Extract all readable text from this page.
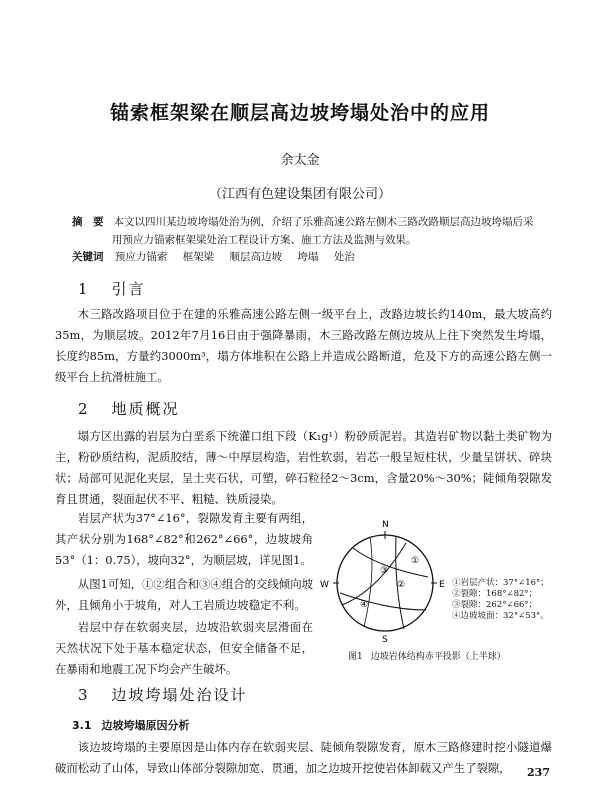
锚索框架梁在顺层高边坡垮塌处治中的应用
余太金
（江西有色建设集团有限公司）
摘　要 本文以四川某边坡垮塌处治为例，介绍了乐雅高速公路左侧木三路改路顺层高边坡垮塌后采
用预应力锚索框架梁处治工程设计方案、施工方法及监测与效果。
关键词 预应力锚索 框架梁 顺层高边坡 垮塌 处治
1 引言

木三路改路项目位于在建的乐雅高速公路左侧一级平台上，改路边坡长约140m，最大坡高约35m，为顺层坡。2012年7月16日由于强降暴雨，木三路改路左侧边坡从上往下突然发生垮塌，长度约85m，方量约3000m³，塌方体堆积在公路上并造成公路断道，危及下方的高速公路左侧一级平台上抗滑桩施工。

2 地质概况

塌方区出露的岩层为白垩系下统灌口组下段（K₁g¹）粉砂质泥岩。其造岩矿物以黏土类矿物为主，粉砂质结构，泥质胶结，薄～中厚层构造，岩性软弱，岩芯一般呈短柱状，少量呈饼状、碎块状；局部可见泥化夹层，呈土夹石状，可塑，碎石粒径2～3cm，含量20%～30%；陡倾角裂隙发育且贯通，裂面起伏不平、粗糙、铁质浸染。

岩层产状为37°∠16°，裂隙发育主要有两组，其产状分别为168°∠82°和262°∠66°，边坡坡角53°（1：0.75），坡向32°，为顺层坡，详见图1。

从图1可知，①②组合和③④组合的交线倾向坡外，且倾角小于坡角，对人工岩质边坡稳定不利。

岩层中存在软弱夹层，边坡沿软弱夹层滑面在天然状况下处于基本稳定状态，但安全储备不足，在暴雨和地震工况下均会产生破坏。

N
W	E
S
①
②
③
④
①岩层产状：37°∠16°；
②裂隙：168°∠82°；
③裂隙：262°∠66°；
④边坡坡面：32°∠53°。
图1 边坡岩体结构赤平投影（上半球）
3 边坡垮塌处治设计
3.1 边坡垮塌原因分析

该边坡垮塌的主要原因是山体内存在软弱夹层、陡倾角裂隙发育，原木三路修建时挖小隧道爆破而松动了山体，导致山体部分裂隙加宽、贯通，加之边坡开挖使岩体卸载又产生了裂隙，	237
